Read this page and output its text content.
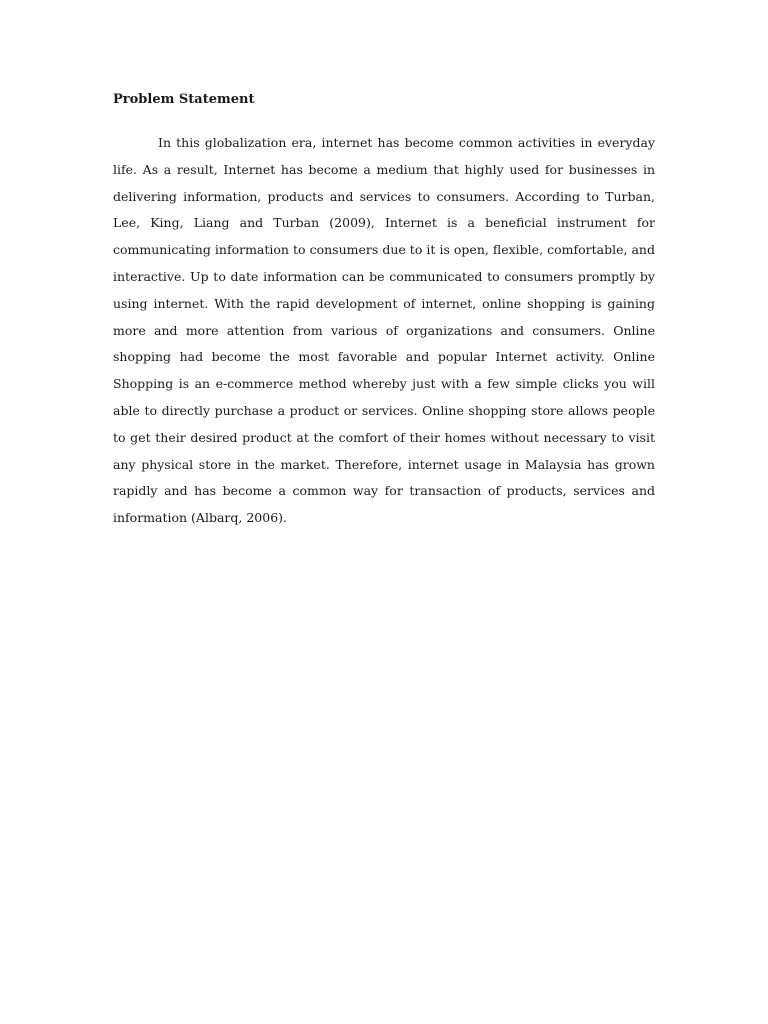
Problem Statement

In this globalization era, internet has become common activities in everyday life. As a result, Internet has become a medium that highly used for businesses in delivering information, products and services to consumers. According to Turban, Lee, King, Liang and Turban (2009), Internet is a beneficial instrument for communicating information to consumers due to it is open, flexible, comfortable, and interactive. Up to date information can be communicated to consumers promptly by using internet. With the rapid development of internet, online shopping is gaining more and more attention from various of organizations and consumers. Online shopping had become the most favorable and popular Internet activity. Online Shopping is an e-commerce method whereby just with a few simple clicks you will able to directly purchase a product or services. Online shopping store allows people to get their desired product at the comfort of their homes without necessary to visit any physical store in the market. Therefore, internet usage in Malaysia has grown rapidly and has become a common way for transaction of products, services and information (Albarq, 2006).
